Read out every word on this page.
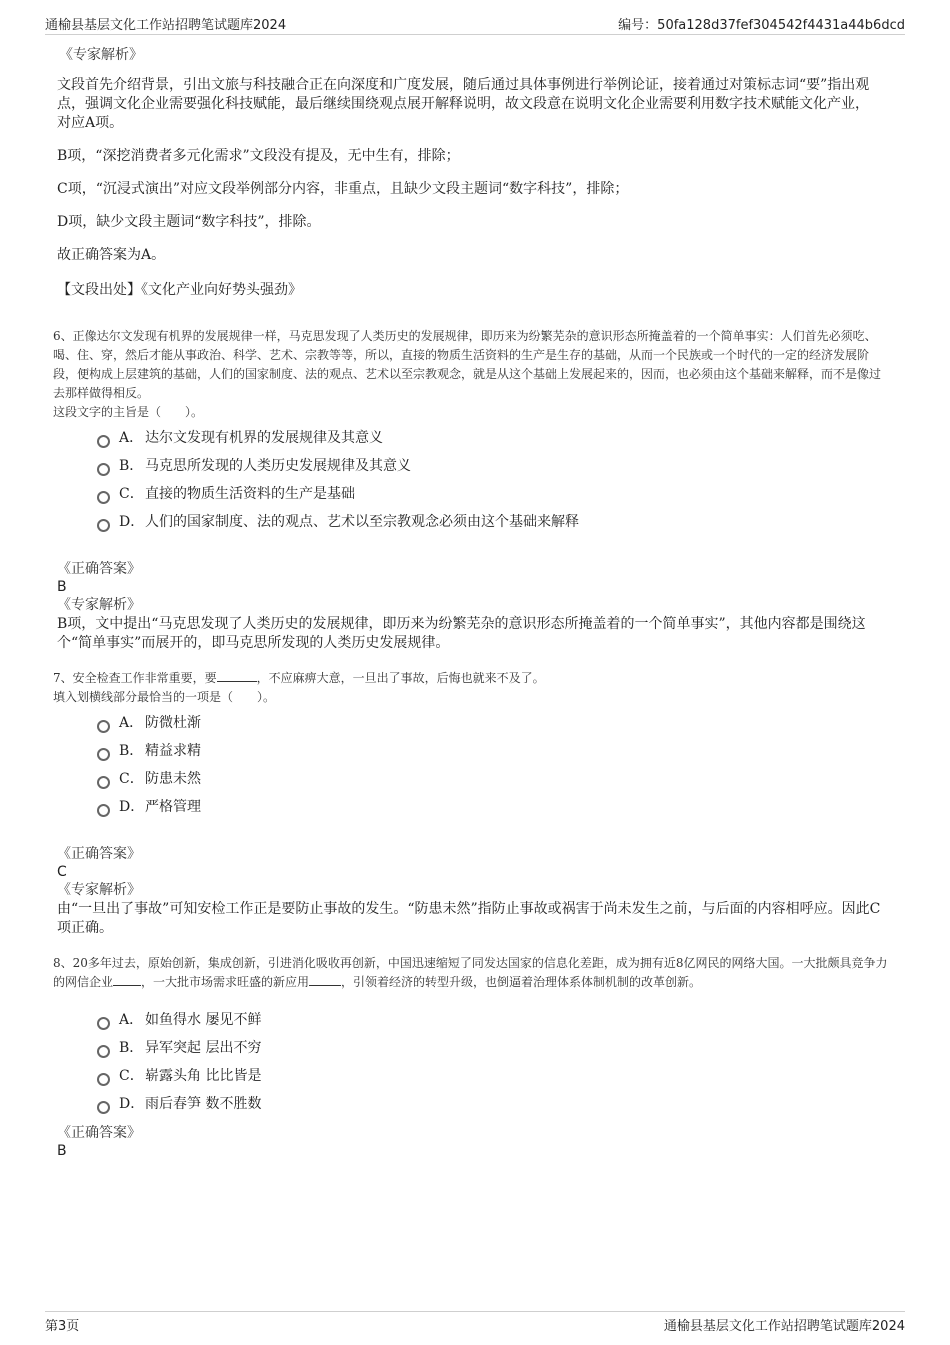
通榆县基层文化工作站招聘笔试题库2024	编号：50fa128d37fef304542f4431a44b6dcd
《专家解析》
文段首先介绍背景，引出文旅与科技融合正在向深度和广度发展，随后通过具体事例进行举例论证，接着通过对策标志词“要”指出观点，强调文化企业需要强化科技赋能，最后继续围绕观点展开解释说明，故文段意在说明文化企业需要利用数字技术赋能文化产业，对应A项。
B项，“深挖消费者多元化需求”文段没有提及，无中生有，排除；
C项，“沉浸式演出”对应文段举例部分内容，非重点，且缺少文段主题词“数字科技”，排除；
D项，缺少文段主题词“数字科技”，排除。
故正确答案为A。
【文段出处】《文化产业向好势头强劲》
6、正像达尔文发现有机界的发展规律一样，马克思发现了人类历史的发展规律，即历来为纷繁芜杂的意识形态所掩盖着的一个简单事实：人们首先必须吃、喝、住、穿，然后才能从事政治、科学、艺术、宗教等等，所以，直接的物质生活资料的生产是生存的基础，从而一个民族或一个时代的一定的经济发展阶段，便构成上层建筑的基础，人们的国家制度、法的观点、艺术以至宗教观念，就是从这个基础上发展起来的，因而，也必须由这个基础来解释，而不是像过去那样做得相反。
这段文字的主旨是（　　）。
A． 达尔文发现有机界的发展规律及其意义
B． 马克思所发现的人类历史发展规律及其意义
C． 直接的物质生活资料的生产是基础
D． 人们的国家制度、法的观点、艺术以至宗教观念必须由这个基础来解释
《正确答案》
B
《专家解析》
B项，文中提出“马克思发现了人类历史的发展规律，即历来为纷繁芜杂的意识形态所掩盖着的一个简单事实”，其他内容都是围绕这个“简单事实”而展开的，即马克思所发现的人类历史发展规律。
7、安全检查工作非常重要，要	，不应麻痹大意，一旦出了事故，后悔也就来不及了。
填入划横线部分最恰当的一项是（　　）。
A． 防微杜渐
B． 精益求精
C． 防患未然
D． 严格管理
《正确答案》
C
《专家解析》
由“一旦出了事故”可知安检工作正是要防止事故的发生。“防患未然”指防止事故或祸害于尚未发生之前，与后面的内容相呼应。因此C项正确。
8、20多年过去，原始创新，集成创新，引进消化吸收再创新，中国迅速缩短了同发达国家的信息化差距，成为拥有近8亿网民的网络大国。一大批颇具竞争力的网信企业 ，一大批市场需求旺盛的新应用	，引领着经济的转型升级，也倒逼着治理体系体制机制的改革创新。
A． 如鱼得水 屡见不鲜
B． 异军突起 层出不穷
C． 崭露头角 比比皆是
D． 雨后春笋 数不胜数
《正确答案》
B
第3页	通榆县基层文化工作站招聘笔试题库2024
